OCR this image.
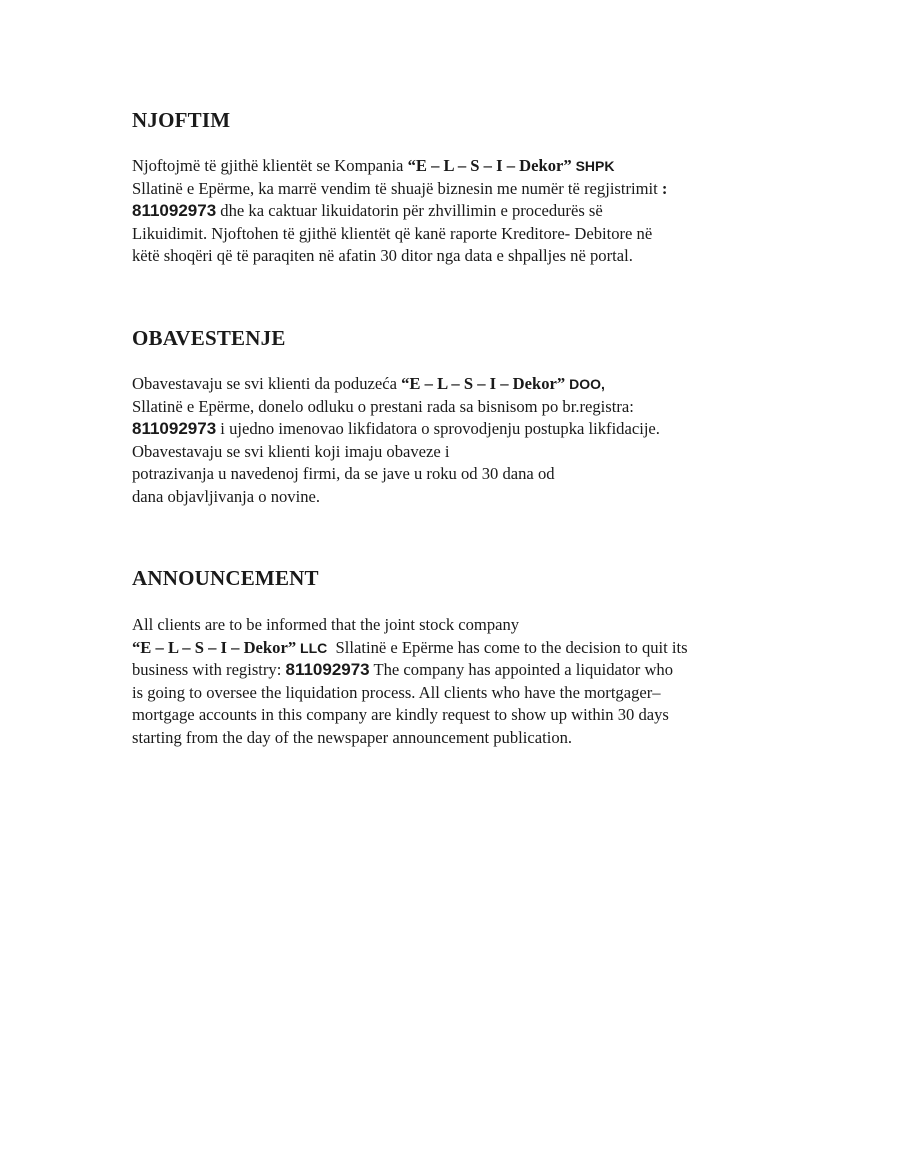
NJOFTIM

Njoftojmë të gjithë klientët se Kompania “E – L – S – I – Dekor” SHPK
Sllatinë e Epërme, ka marrë vendim të shuajë biznesin me numër të regjistrimit :
811092973 dhe ka caktuar likuidatorin për zhvillimin e procedurës së
Likuidimit. Njoftohen të gjithë klientët që kanë raporte Kreditore- Debitore në
këtë shoqëri që të paraqiten në afatin 30 ditor nga data e shpalljes në portal.

OBAVESTENJE

Obavestavaju se svi klienti da poduzeća “E – L – S – I – Dekor” DOO,
Sllatinë e Epërme, donelo odluku o prestani rada sa bisnisom po br.registra:
811092973 i ujedno imenovao likfidatora o sprovodjenju postupka likfidacije.
Obavestavaju se svi klienti koji imaju obaveze i
potrazivanja u navedenoj firmi, da se jave u roku od 30 dana od
dana objavljivanja o novine.

ANNOUNCEMENT

All clients are to be informed that the joint stock company
“E – L – S – I – Dekor” LLC  Sllatinë e Epërme has come to the decision to quit its
business with registry: 811092973 The company has appointed a liquidator who
is going to oversee the liquidation process. All clients who have the mortgager–
mortgage accounts in this company are kindly request to show up within 30 days
starting from the day of the newspaper announcement publication.
